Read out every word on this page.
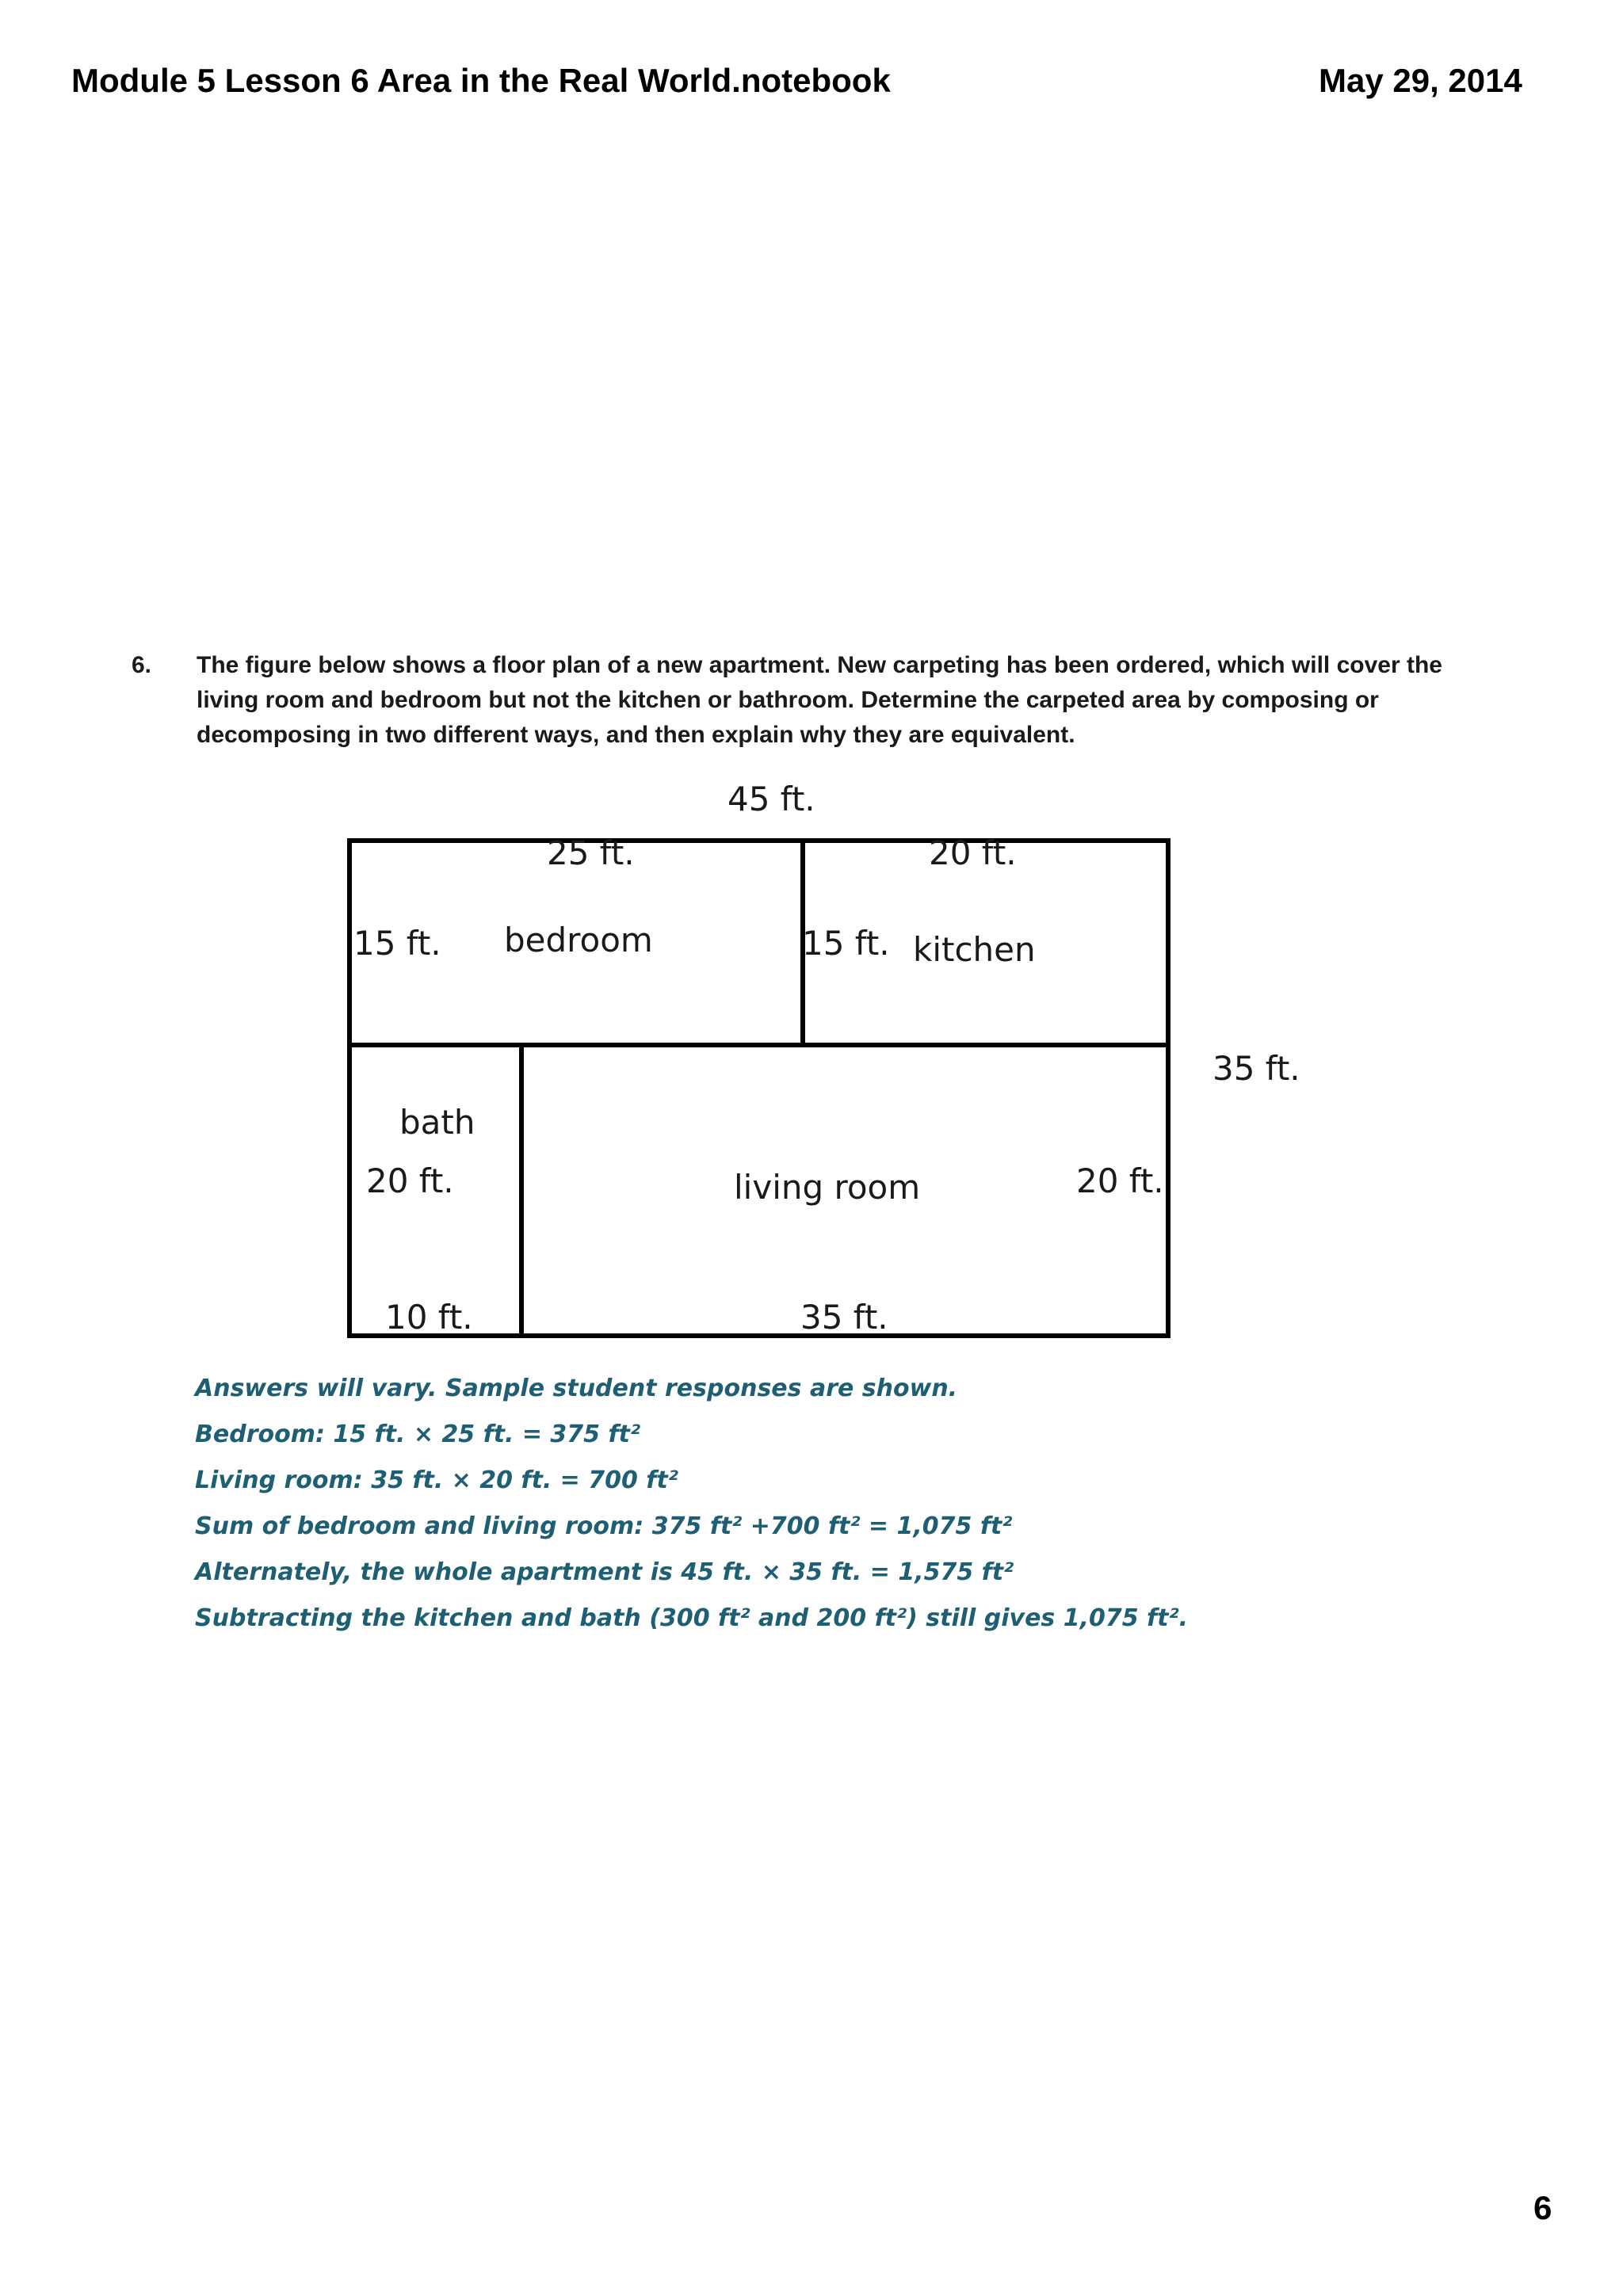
Module 5 Lesson 6 Area in the Real World.notebook	May 29, 2014
6. The figure below shows a floor plan of a new apartment. New carpeting has been ordered, which will cover the living room and bedroom but not the kitchen or bathroom. Determine the carpeted area by composing or decomposing in two different ways, and then explain why they are equivalent.
45 ft.
35 ft.
25 ft.
15 ft. bedroom
20 ft.
15 ft. kitchen
bath
20 ft.
10 ft.
living room	20 ft.
35 ft.
Answers will vary. Sample student responses are shown.
Bedroom: 15 ft. × 25 ft. = 375 ft²
Living room: 35 ft. × 20 ft. = 700 ft²
Sum of bedroom and living room: 375 ft² +700 ft² = 1,075 ft²
Alternately, the whole apartment is 45 ft. × 35 ft. = 1,575 ft²
Subtracting the kitchen and bath (300 ft² and 200 ft²) still gives 1,075 ft².
6
